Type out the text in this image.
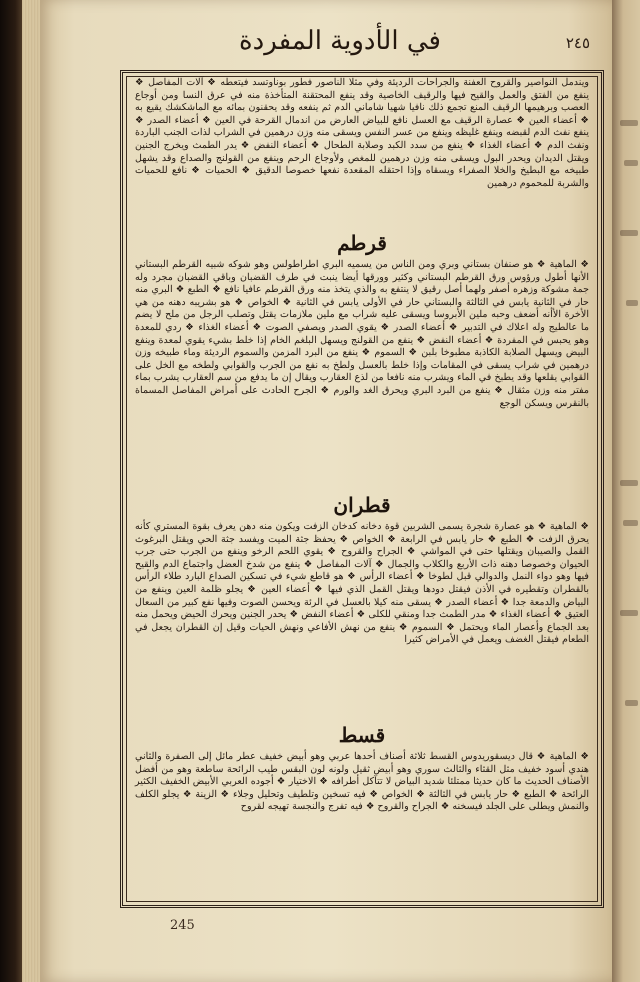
في الأدوية المفردة	٢٤٥
ويندمل النواصير والقروح العفنة والجراحات الرديئة وفي مثلا الناصور فطور بوناوتسد فيتعطه ❖ آلات المفاصل ❖ ينفع من الفتق والعمل والقيح فيها والرقيف الخاصية وقد ينفع المحتقنة المتأخذة منه في عرق النسا ومن أوجاع العصب وبرهيمها الرقيف المنع تجمع ذلك نافيا شهيا شاماني الدم ثم ينفعه وقد يحقنون بمائه مع الماشكشك يقيع به ❖ أعضاء العين ❖ عصارة الرقيف مع العسل نافع للبياض العارض من اندمال القرحة في العين ❖ أعضاء الصدر ❖ ينفع نفث الدم لقبضه وينفع غليظه وينفع من عسر النفس ويسقى منه وزن درهمين في الشراب لذات الجنب الباردة ونفث الدم ❖ أعضاء الغذاء ❖ ينفع من سدد الكبد وصلابة الطحال ❖ أعضاء النفض ❖ يدر الطمث ويخرج الجنين ويقتل الديدان ويحدر البول ويسقى منه وزن درهمين للمغص ولأوجاع الرحم وينفع من القولنج والصداع وقد يشهل طبيخه مع البطيخ والخلا الصفراء ويسقاه وإذا احتقله المقعدة نفعها خصوصا الدقيق ❖ الحميات ❖ نافع للحميات والشربة للمحموم درهمين
قرطم
❖ الماهية ❖ هو صنفان بستاني وبري ومن الناس من يسميه البري اطراطولس وهو شوكه شبيه القرطم البستاني الأنها أطول ورؤوس ورق القرطم البستاني وكثير وورقها أيضا ينبت في طرف القضبان وباقي القضبان مجرد وله جمة مشوكة وزهره أصفر ولهما أصل رقيق لا ينتفع به والذي يتخذ منه ورق القرطم عافيا نافع ❖ الطبع ❖ البري منه حار في الثانية يابس في الثالثة والبستاني حار في الأولى يابس في الثانية ❖ الخواص ❖ هو بشريبه دهنه من هي الأخرة الأأنه أضعف وحبه ملين الأبروسا ويسقى عليه شراب مع ملين ملازمات يقتل وتصلب الرجل من ملح لا يضم ما عالطيج وله اعلاك في التدبير ❖ أعضاء الصدر ❖ يقوي الصدر ويصفي الصوت ❖ أعضاء الغذاء ❖ ردي للمعدة وهو يحبس في المفردة ❖ أعضاء النفض ❖ ينفع من القولنج ويسهل البلغم الخام إذا خلط بشيء يقوي لمعدة وينفع البيض ويسهل الصلابة الكاذبة مطبوخا بلبن ❖ السموم ❖ ينفع من البرد المزمن والسموم الرديئة وماء طبيخه وزن درهمين في شراب يسقى في المقامات وإذا خلط بالعسل ولطخ به نفع من الجرب والقوابي ولطخه مع الخل على القوابي يقلعها وقد يطبخ في الماء ويشرب منه نافعا من لذع العقارب ويقال إن ما يدفع من سم العقارب يشرب بماء مفتر منه وزن مثقال ❖ ينفع من البرد البري ويحرق الغد والورم ❖ الجرح الحادث على أمراض المفاصل المسماة بالنقرس ويسكن الوجع
قطران
❖ الماهية ❖ هو عصارة شجرة يسمى الشربين قوة دخانه كدخان الزفت ويكون منه دهن يعرف بقوة المستري كأنه يحرق الزفت ❖ الطبع ❖ حار يابس في الرابعة ❖ الخواص ❖ يحفظ جثة الميت ويفسد جثة الحي ويقتل البرغوث القمل والصيبان ويقتلها حتى في المواشي ❖ الجراح والقروح ❖ يقوي اللحم الرخو وينفع من الجرب حتى جرب الحيوان وخصوصا دهنه ذات الأربع والكلاب والجمال ❖ آلات المفاصل ❖ ينفع من شدخ العضل واجتماع الدم والقيح فيها وهو دواء النمل والدوالي قبل لطوخا ❖ أعضاء الرأس ❖ هو قاطع شيء في تسكين الصداع البارد طلاء الرأس بالقطران وتقطيره في الأذن فيقتل دودها ويقتل القمل الذي فيها ❖ أعضاء العين ❖ يجلو ظلمة العين وينفع من البياض والدمعة جدا ❖ أعضاء الصدر ❖ يسقى منه كيلا بالعسل في الرئة ويحسن الصوت وفيها نفع كبير من السعال العتيق ❖ أعضاء الغذاء ❖ مدر الطمث جدا ومنقي للكلى ❖ أعضاء النفض ❖ يحدر الجنين ويحرك الحيض ويحمل منه بعد الجماع وأعصار الماء ويحتمل ❖ السموم ❖ ينفع من نهش الأفاعي ونهش الحيات وقيل إن القطران يجعل في الطعام فيقتل الغضف ويعمل في الأمراض كثيرا
قسط
❖ الماهية ❖ قال ديسقوريدوس القسط ثلاثة أصناف أحدها عربي وهو أبيض خفيف عطر مائل إلى الصفرة والثاني هندي أسود خفيف مثل القثاء والثالث سوري وهو أبيض ثقيل ولونه لون البقس طيب الرائحة ساطعة وهو من أفضل الأصناف الحديث ما كان حديثا ممتلئا شديد البياض لا تتآكل أطرافه ❖ الاختيار ❖ أجوده العربي الأبيض الخفيف الكثير الرائحة ❖ الطبع ❖ حار يابس في الثالثة ❖ الخواص ❖ فيه تسخين وتلطيف وتحليل وجلاء ❖ الزينة ❖ يجلو الكلف والنمش ويطلى على الجلد فيسخنه ❖ الجراح والقروح ❖ فيه تفرج والنجسة تهيجه لقروح
245
